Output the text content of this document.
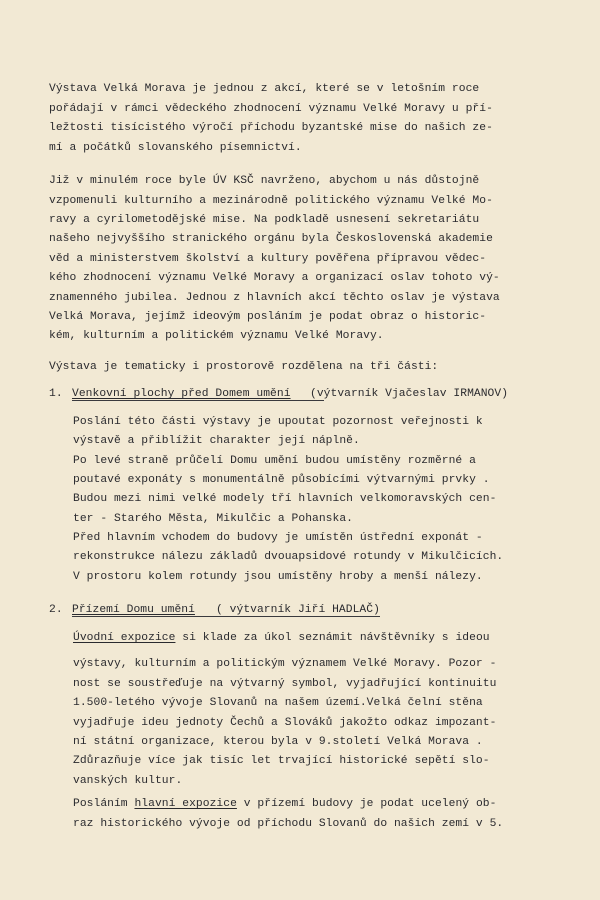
Výstava Velká Morava je jednou z akcí, které se v letošním roce
pořádají v rámci vědeckého zhodnocení významu Velké Moravy u pří-
ležtosti tisícistého výročí příchodu byzantské mise do našich ze-
mí a počátků slovanského písemnictví.
Již v minulém roce byle ÚV KSČ navrženo, abychom u nás důstojně
vzpomenuli kulturního a mezinárodně politického významu Velké Mo-
ravy a cyrilometodějské mise. Na podkladě usnesení sekretariátu
našeho nejvyššího stranického orgánu byla Československá akademie
věd a ministerstvem školství a kultury pověřena přípravou vědec-
kého zhodnocení významu Velké Moravy a organizací oslav tohoto vý-
znamenného jubilea. Jednou z hlavních akcí těchto oslav je výstava
Velká Morava, jejímž ideovým posláním je podat obraz o historic-
kém, kulturním a politickém významu Velké Moravy.
Výstava je tematicky i prostorově rozdělena na tři části:
1. Venkovní plochy před Domem umění (výtvarník Vjačeslav IRMANOV)
Poslání této části výstavy je upoutat pozornost veřejnosti k
výstavě a přiblížit charakter její náplně.
Po levé straně průčelí Domu umění budou umístěny rozměrné a
poutavé exponáty s monumentálně působícími výtvarnými prvky .
Budou mezi nimi velké modely tří hlavních velkomoravských cen-
ter - Starého Města, Mikulčic a Pohanska.
Před hlavním vchodem do budovy je umístěn ústřední exponát -
rekonstrukce nálezu základů dvouapsidové rotundy v Mikulčicích.
V prostoru kolem rotundy jsou umístěny hroby a menší nálezy.
2. Přízemí Domu umění ( výtvarník Jiří HADLAČ)
Úvodní expozice si klade za úkol seznámit návštěvníky s ideou
výstavy, kulturním a politickým významem Velké Moravy. Pozor -
nost se soustřeďuje na výtvarný symbol, vyjadřující kontinuitu
1.500-letého vývoje Slovanů na našem území.Velká čelní stěna
vyjadřuje ideu jednoty Čechů a Slováků jakožto odkaz impozant-
ní státní organizace, kterou byla v 9.století Velká Morava .
Zdůrazňuje více jak tisíc let trvající historické sepětí slo-
vanských kultur.
Posláním hlavní expozice v přízemí budovy je podat ucelený ob-
raz historického vývoje od příchodu Slovanů do našich zemí v 5.
